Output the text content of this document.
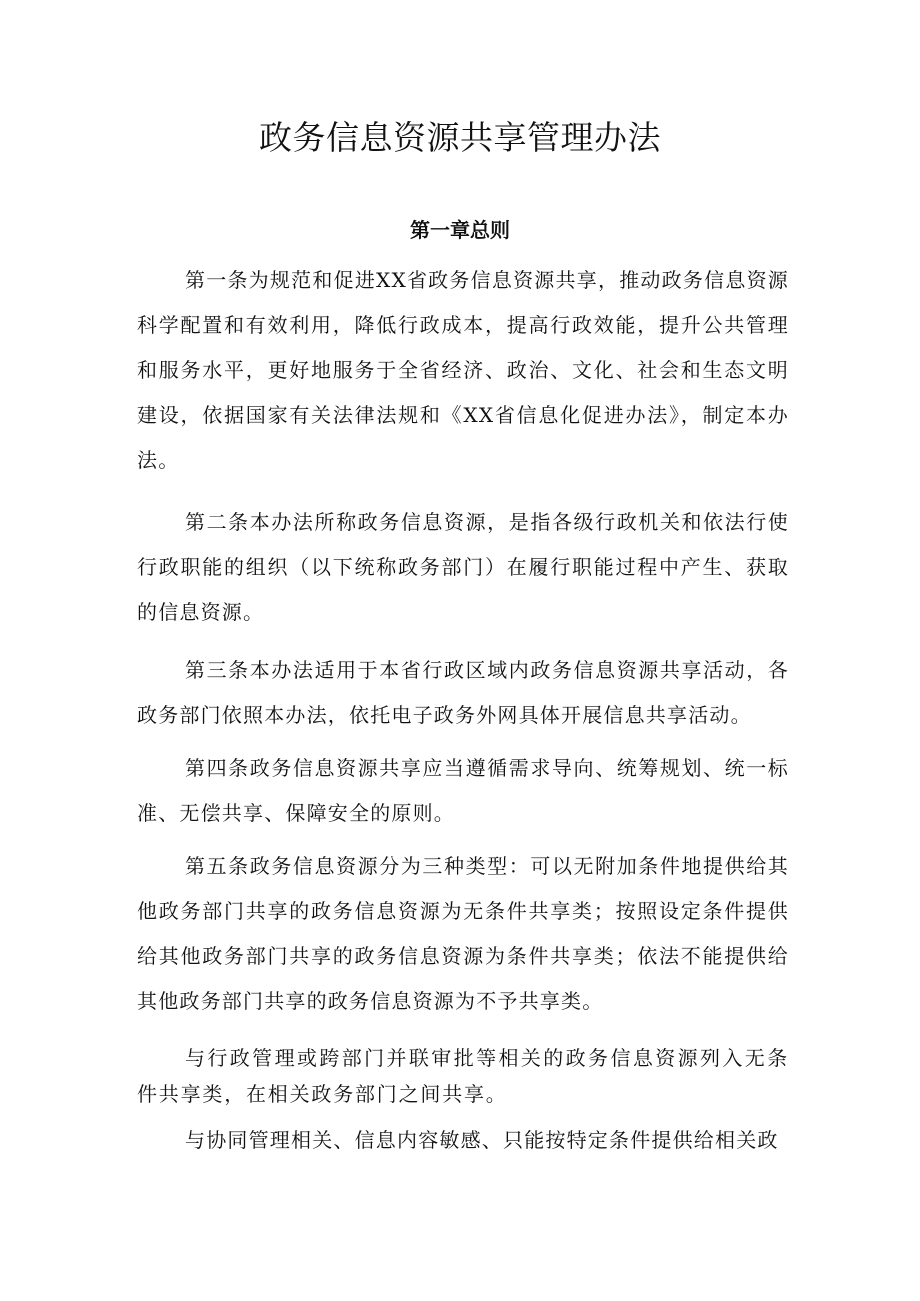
政务信息资源共享管理办法
第一章总则

第一条为规范和促进XX省政务信息资源共享，推动政务信息资源科学配置和有效利用，降低行政成本，提高行政效能，提升公共管理和服务水平，更好地服务于全省经济、政治、文化、社会和生态文明建设，依据国家有关法律法规和《XX省信息化促进办法》，制定本办法。

第二条本办法所称政务信息资源，是指各级行政机关和依法行使行政职能的组织（以下统称政务部门）在履行职能过程中产生、获取的信息资源。

第三条本办法适用于本省行政区域内政务信息资源共享活动，各政务部门依照本办法，依托电子政务外网具体开展信息共享活动。

第四条政务信息资源共享应当遵循需求导向、统筹规划、统一标准、无偿共享、保障安全的原则。

第五条政务信息资源分为三种类型：可以无附加条件地提供给其他政务部门共享的政务信息资源为无条件共享类；按照设定条件提供给其他政务部门共享的政务信息资源为条件共享类；依法不能提供给其他政务部门共享的政务信息资源为不予共享类。

与行政管理或跨部门并联审批等相关的政务信息资源列入无条件共享类，在相关政务部门之间共享。

与协同管理相关、信息内容敏感、只能按特定条件提供给相关政
